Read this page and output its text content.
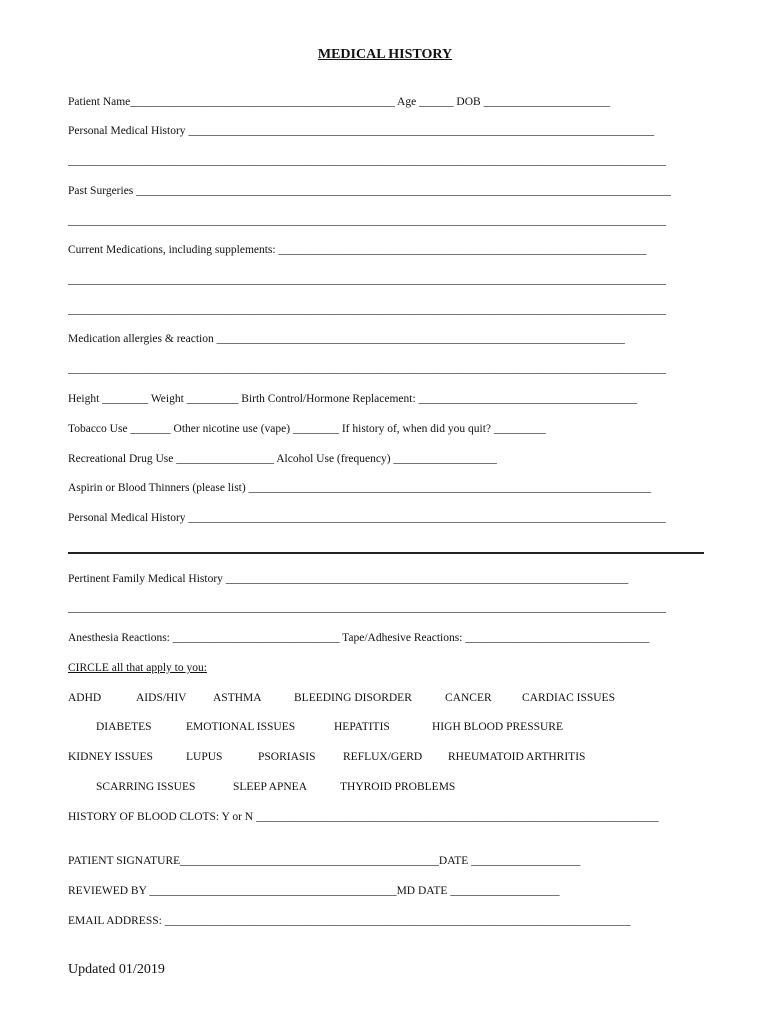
MEDICAL HISTORY
Patient Name______________________________________________ Age ______ DOB ______________________
Personal Medical History _________________________________________________________________________________
________________________________________________________________________________________________________
Past Surgeries _____________________________________________________________________________________________
________________________________________________________________________________________________________
Current Medications, including supplements: ________________________________________________________________
________________________________________________________________________________________________________
________________________________________________________________________________________________________
Medication allergies & reaction _______________________________________________________________________
________________________________________________________________________________________________________
Height ________ Weight _________ Birth Control/Hormone Replacement: ______________________________________
Tobacco Use _______ Other nicotine use (vape) ________ If history of, when did you quit? _________
Recreational Drug Use _________________ Alcohol Use (frequency) __________________
Aspirin or Blood Thinners (please list) ______________________________________________________________________
Personal Medical History ___________________________________________________________________________________
Pertinent Family Medical History ______________________________________________________________________
________________________________________________________________________________________________________
Anesthesia Reactions: _____________________________ Tape/Adhesive Reactions: ________________________________
CIRCLE all that apply to you:
ADHD	AIDS/HIV ASTHMA	BLEEDING DISORDER	CANCER	CARDIAC ISSUES
DIABETES	EMOTIONAL ISSUES	HEPATITIS	HIGH BLOOD PRESSURE
KIDNEY ISSUES	LUPUS	PSORIASIS REFLUX/GERD RHEUMATOID ARTHRITIS
SCARRING ISSUES	SLEEP APNEA	THYROID PROBLEMS
HISTORY OF BLOOD CLOTS: Y or N ______________________________________________________________________
PATIENT SIGNATURE_____________________________________________DATE ___________________
REVIEWED BY ___________________________________________MD DATE ___________________
EMAIL ADDRESS: _________________________________________________________________________________
Updated 01/2019
